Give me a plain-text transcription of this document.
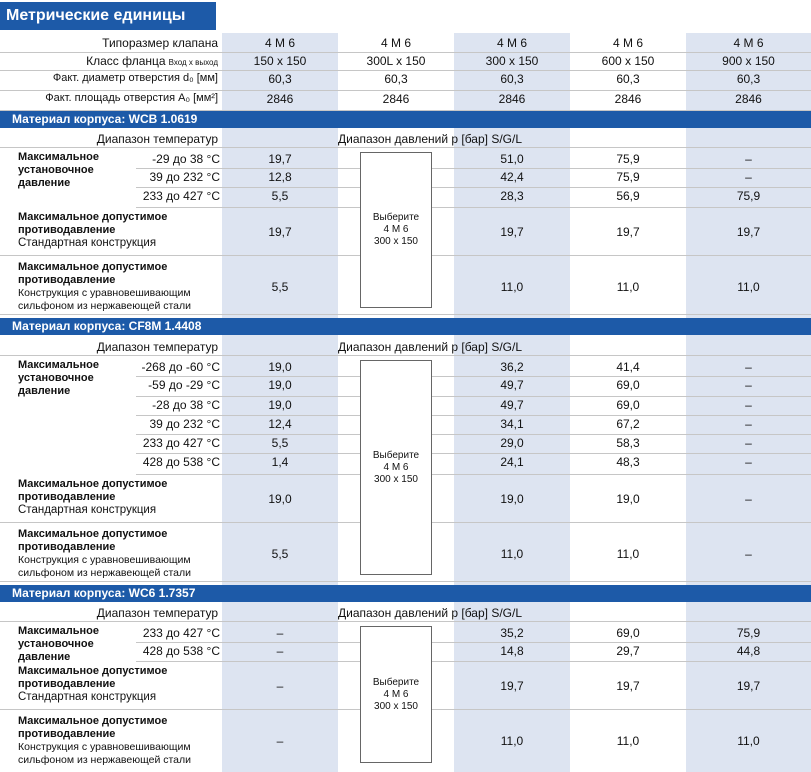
Метрические единицы
Типоразмер клапана	4 M 6	4 M 6	4 M 6	4 M 6	4 M 6
Класс фланца Вход x выход	150 x 150	300L x 150	300 x 150	600 x 150	900 x 150
Факт. диаметр отверстия d₀ [мм]	60,3	60,3	60,3	60,3	60,3
Факт. площадь отверстия A₀ [мм²]	2846	2846	2846	2846	2846
Материал корпуса: WCB 1.0619
Диапазон температур	Диапазон давлений p [бар] S/G/L
Максимальное
установочное
давление
-29 до 38 °C	19,7	51,0	75,9	–
39 до 232 °C	12,8	42,4	75,9	–
233 до 427 °C	5,5	28,3	56,9	75,9
Максимальное допустимое
противодавление
Стандартная конструкция
19,7	19,7	19,7	19,7
Максимальное допустимое
противодавление
Конструкция с уравновешивающим
сильфоном из нержавеющей стали
5,5	11,0	11,0	11,0
Выберите
4 M 6
300 x 150
Материал корпуса: CF8M 1.4408
Диапазон температур	Диапазон давлений p [бар] S/G/L
Максимальное
установочное
давление
-268 до -60 °C	19,0	36,2	41,4	–
-59 до -29 °C	19,0	49,7	69,0	–
-28 до 38 °C	19,0	49,7	69,0	–
39 до 232 °C	12,4	34,1	67,2	–
233 до 427 °C	5,5	29,0	58,3	–
428 до 538 °C	1,4	24,1	48,3	–
Максимальное допустимое
противодавление
Стандартная конструкция
19,0	19,0	19,0	–
Максимальное допустимое
противодавление
Конструкция с уравновешивающим
сильфоном из нержавеющей стали
5,5	11,0	11,0	–
Выберите
4 M 6
300 x 150
Материал корпуса: WC6 1.7357
Диапазон температур	Диапазон давлений p [бар] S/G/L
Максимальное
установочное
давление
233 до 427 °C	–	35,2	69,0	75,9
428 до 538 °C	–	14,8	29,7	44,8
Максимальное допустимое
противодавление
Стандартная конструкция
–	19,7	19,7	19,7
Максимальное допустимое
противодавление
Конструкция с уравновешивающим
сильфоном из нержавеющей стали
–	11,0	11,0	11,0
Выберите
4 M 6
300 x 150
